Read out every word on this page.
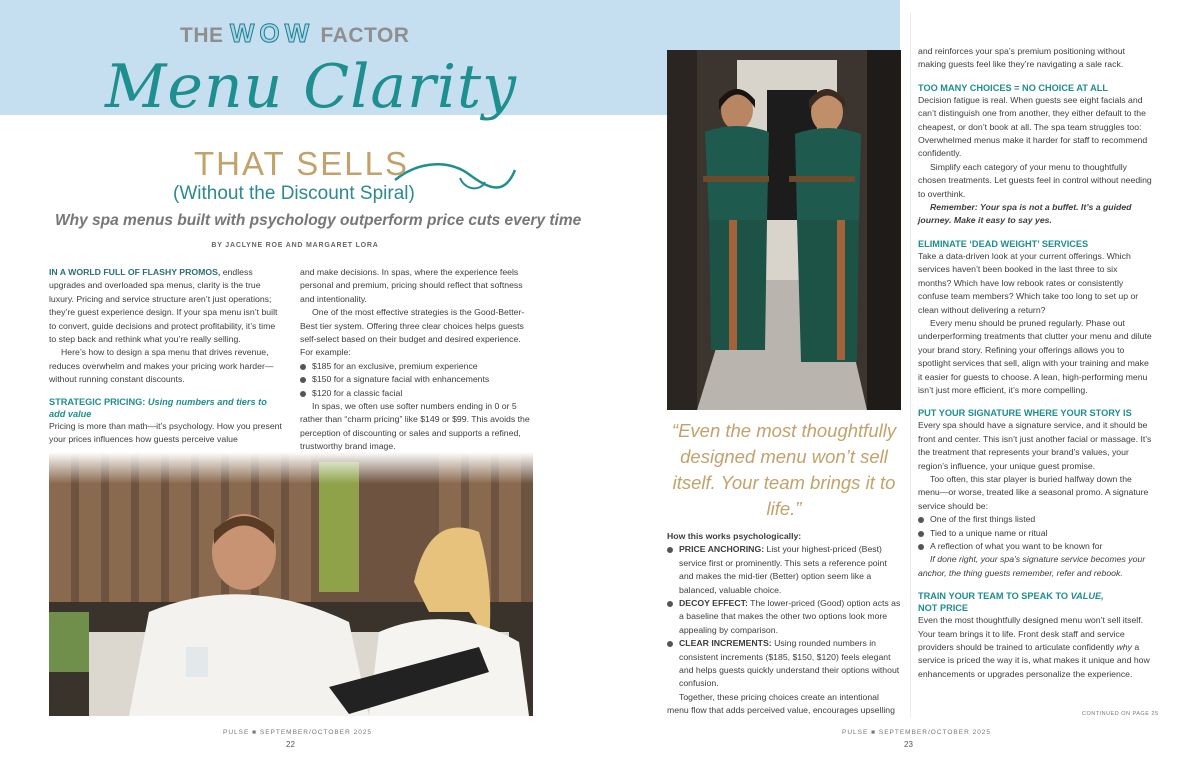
THE WOW FACTOR
Menu Clarity
THAT SELLS
(Without the Discount Spiral)
Why spa menus built with psychology outperform price cuts every time
BY JACLYNE ROE AND MARGARET LORA

IN A WORLD FULL OF FLASHY PROMOS, endless upgrades and overloaded spa menus, clarity is the true luxury. Pricing and service structure aren’t just operations; they’re guest experience design. If your spa menu isn’t built to convert, guide decisions and protect profitability, it’s time to step back and rethink what you’re really selling.

Here’s how to design a spa menu that drives revenue, reduces overwhelm and makes your pricing work harder—without running constant discounts.

STRATEGIC PRICING: Using numbers and tiers to add value

Pricing is more than math—it’s psychology. How you present your prices influences how guests perceive value

and make decisions. In spas, where the experience feels personal and premium, pricing should reflect that softness and intentionality.

One of the most effective strategies is the Good-Better-Best tier system. Offering three clear choices helps guests self-select based on their budget and desired experience. For example:

$185 for an exclusive, premium experience
$150 for a signature facial with enhancements
$120 for a classic facial

In spas, we often use softer numbers ending in 0 or 5 rather than “charm pricing” like $149 or $99. This avoids the perception of discounting or sales and supports a refined, trustworthy brand image.

“Even the most thoughtfully designed menu won’t sell itself. Your team brings it to life.”

How this works psychologically:

PRICE ANCHORING: List your highest-priced (Best) service first or prominently. This sets a reference point and makes the mid-tier (Better) option seem like a balanced, valuable choice.
DECOY EFFECT: The lower-priced (Good) option acts as a baseline that makes the other two options look more appealing by comparison.
CLEAR INCREMENTS: Using rounded numbers in consistent increments ($185, $150, $120) feels elegant and helps guests quickly understand their options without confusion.

Together, these pricing choices create an intentional menu flow that adds perceived value, encourages upselling

and reinforces your spa’s premium positioning without making guests feel like they’re navigating a sale rack.

TOO MANY CHOICES = NO CHOICE AT ALL

Decision fatigue is real. When guests see eight facials and can’t distinguish one from another, they either default to the cheapest, or don’t book at all. The spa team struggles too: Overwhelmed menus make it harder for staff to recommend confidently.

Simplify each category of your menu to thoughtfully chosen treatments. Let guests feel in control without needing to overthink.

Remember: Your spa is not a buffet. It’s a guided journey. Make it easy to say yes.

ELIMINATE ‘DEAD WEIGHT’ SERVICES

Take a data-driven look at your current offerings. Which services haven’t been booked in the last three to six months? Which have low rebook rates or consistently confuse team members? Which take too long to set up or clean without delivering a return?

Every menu should be pruned regularly. Phase out underperforming treatments that clutter your menu and dilute your brand story. Refining your offerings allows you to spotlight services that sell, align with your training and make it easier for guests to choose. A lean, high-performing menu isn’t just more efficient, it’s more compelling.

PUT YOUR SIGNATURE WHERE YOUR STORY IS

Every spa should have a signature service, and it should be front and center. This isn’t just another facial or massage. It’s the treatment that represents your brand’s values, your region’s influence, your unique guest promise.

Too often, this star player is buried halfway down the menu—or worse, treated like a seasonal promo. A signature service should be:

One of the first things listed
Tied to a unique name or ritual
A reflection of what you want to be known for

If done right, your spa’s signature service becomes your anchor, the thing guests remember, refer and rebook.

TRAIN YOUR TEAM TO SPEAK TO VALUE,
NOT PRICE

Even the most thoughtfully designed menu won’t sell itself. Your team brings it to life. Front desk staff and service providers should be trained to articulate confidently why a service is priced the way it is, what makes it unique and how enhancements or upgrades personalize the experience.

CONTINUED ON PAGE 25
PULSE ■ SEPTEMBER/OCTOBER 2025
22
PULSE ■ SEPTEMBER/OCTOBER 2025
23
